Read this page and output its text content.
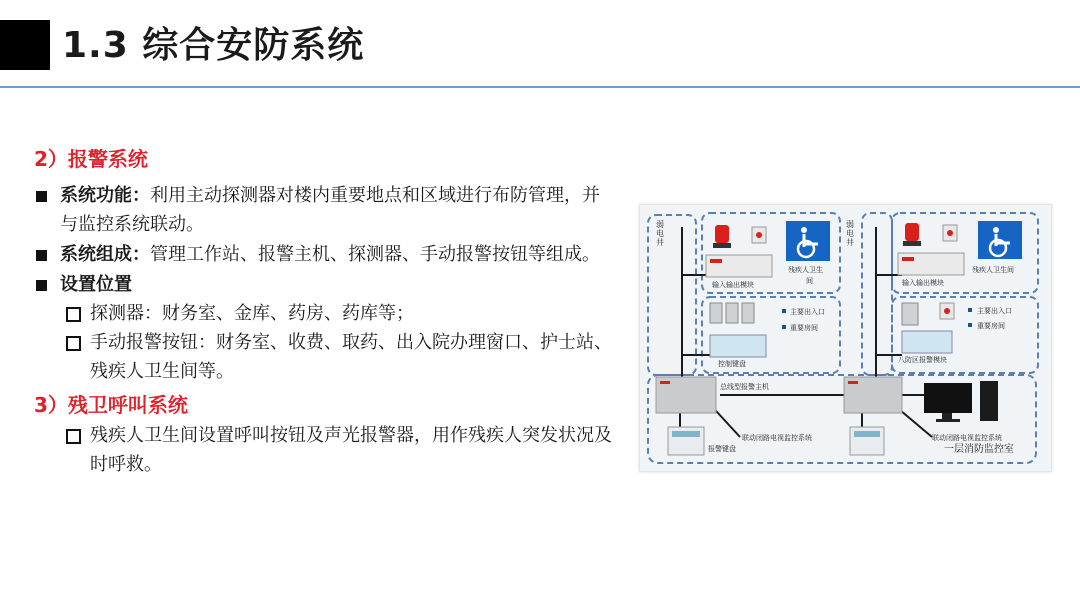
1.3 综合安防系统
2）报警系统
系统功能：利用主动探测器对楼内重要地点和区域进行布防管理，并与监控系统联动。
系统组成：管理工作站、报警主机、探测器、手动报警按钮等组成。
设置位置
探测器：财务室、金库、药房、药库等；
手动报警按钮：财务室、收费、取药、出入院办理窗口、护士站、残疾人卫生间等。
3）残卫呼叫系统
残疾人卫生间设置呼叫按钮及声光报警器，用作残疾人突发状况及时呼救。
弱电井
弱电井
输入输出模块
残疾人卫生
间	输入输出模块
残疾人卫生间
主要出入口
重要房间
控制键盘
主要出入口
重要房间
八防区报警模块
总线型报警主机
联动闭路电视监控系统
报警键盘
联动闭路电视监控系统
一层消防监控室
